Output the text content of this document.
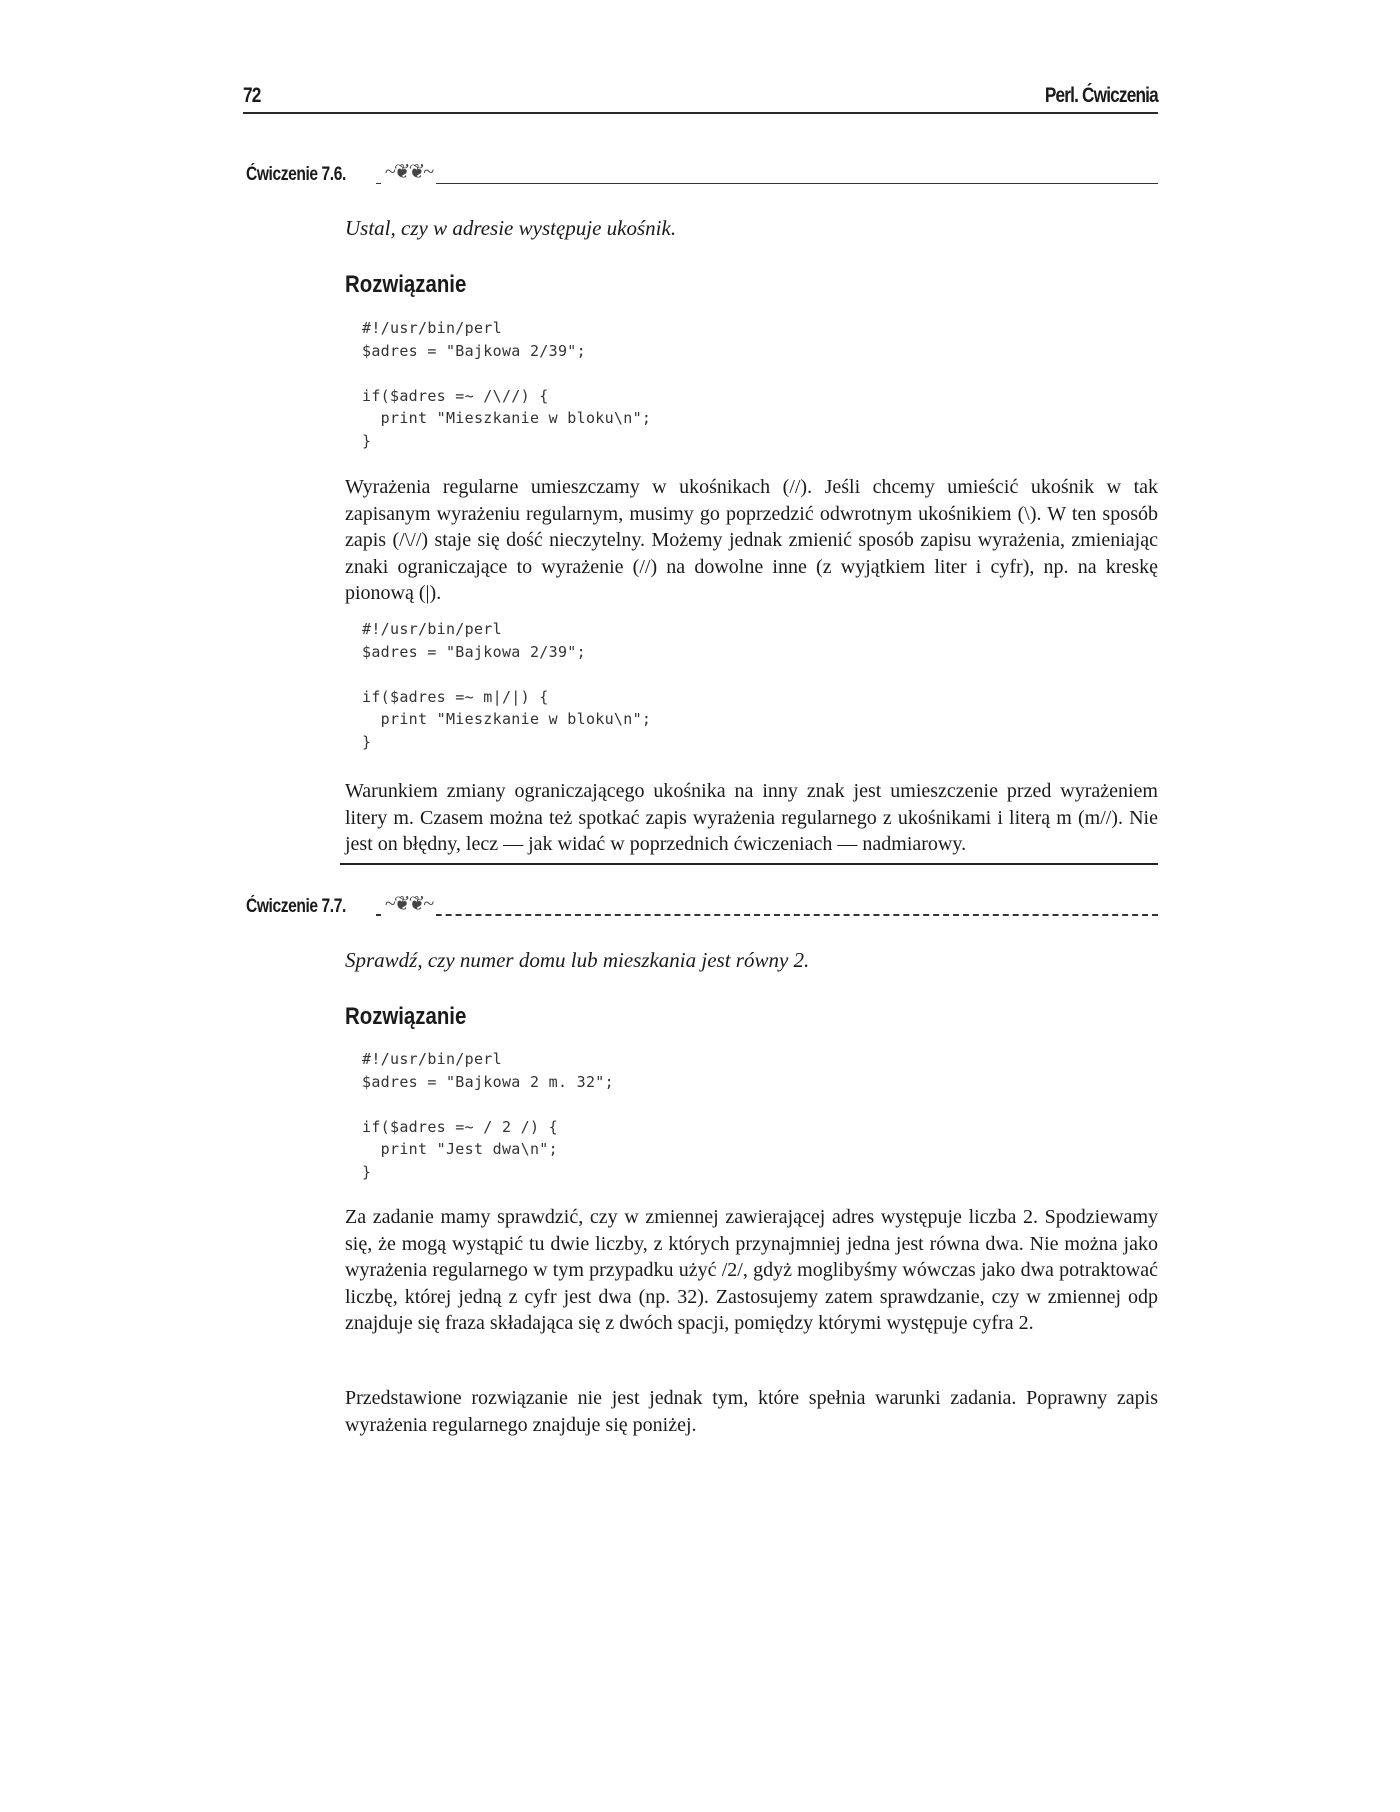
72	Perl. Ćwiczenia
Ćwiczenie 7.6. ~❦❦~
Ustal, czy w adresie występuje ukośnik.
Rozwiązanie
#!/usr/bin/perl
$adres = "Bajkowa 2/39";

if($adres =~ /\//) {
print "Mieszkanie w bloku\n";
}

Wyrażenia regularne umieszczamy w ukośnikach (//). Jeśli chcemy umieścić ukośnik w tak zapisanym wyrażeniu regularnym, musimy go poprzedzić odwrotnym ukośnikiem (\). W ten sposób zapis (/\//) staje się dość nieczytelny. Możemy jednak zmienić sposób zapisu wyrażenia, zmieniając znaki ograniczające to wyrażenie (//) na dowolne inne (z wyjątkiem liter i cyfr), np. na kreskę pionową (|).

#!/usr/bin/perl
$adres = "Bajkowa 2/39";

if($adres =~ m|/|) {
print "Mieszkanie w bloku\n";
}

Warunkiem zmiany ograniczającego ukośnika na inny znak jest umieszczenie przed wyrażeniem litery m. Czasem można też spotkać zapis wyrażenia regularnego z ukośnikami i literą m (m//). Nie jest on błędny, lecz — jak widać w poprzednich ćwiczeniach — nadmiarowy.

Ćwiczenie 7.7. ~❦❦~
Sprawdź, czy numer domu lub mieszkania jest równy 2.
Rozwiązanie
#!/usr/bin/perl
$adres = "Bajkowa 2 m. 32";

if($adres =~ / 2 /) {
print "Jest dwa\n";
}

Za zadanie mamy sprawdzić, czy w zmiennej zawierającej adres występuje liczba 2. Spodziewamy się, że mogą wystąpić tu dwie liczby, z których przynajmniej jedna jest równa dwa. Nie można jako wyrażenia regularnego w tym przypadku użyć /2/, gdyż moglibyśmy wówczas jako dwa potraktować liczbę, której jedną z cyfr jest dwa (np. 32). Zastosujemy zatem sprawdzanie, czy w zmiennej odp znajduje się fraza składająca się z dwóch spacji, pomiędzy którymi występuje cyfra 2.

Przedstawione rozwiązanie nie jest jednak tym, które spełnia warunki zadania. Poprawny zapis wyrażenia regularnego znajduje się poniżej.
